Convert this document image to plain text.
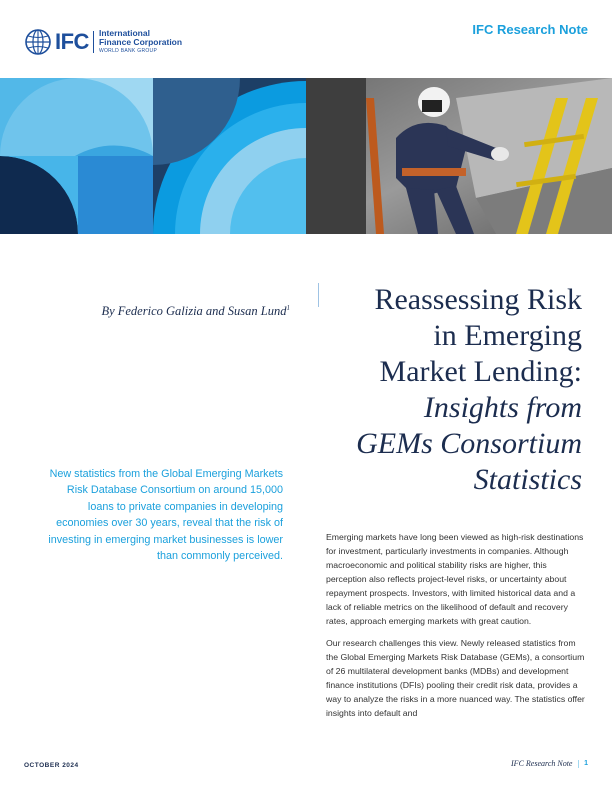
IFC International
Finance Corporation
WORLD BANK GROUP
IFC Research Note
By Federico Galizia and Susan Lund$^1$	Reassessing Risk
in Emerging
Market Lending:
Insights from
GEMs Consortium
Statistics
New statistics from the Global Emerging Markets Risk Database Consortium on around 15,000 loans to private companies in developing economies over 30 years, reveal that the risk of investing in emerging market businesses is lower than commonly perceived.

Emerging markets have long been viewed as high-risk destinations for investment, particularly investments in companies. Although macroeconomic and political stability risks are higher, this perception also reflects project-level risks, or uncertainty about repayment prospects. Investors, with limited historical data and a lack of reliable metrics on the likelihood of default and recovery rates, approach emerging markets with great caution.

Our research challenges this view. Newly released statistics from the Global Emerging Markets Risk Database (GEMs), a consortium of 26 multilateral development banks (MDBs) and development finance institutions (DFIs) pooling their credit risk data, provides a way to analyze the risks in a more nuanced way. The statistics offer insights into default and

OCTOBER 2024	IFC Research Note | 1
